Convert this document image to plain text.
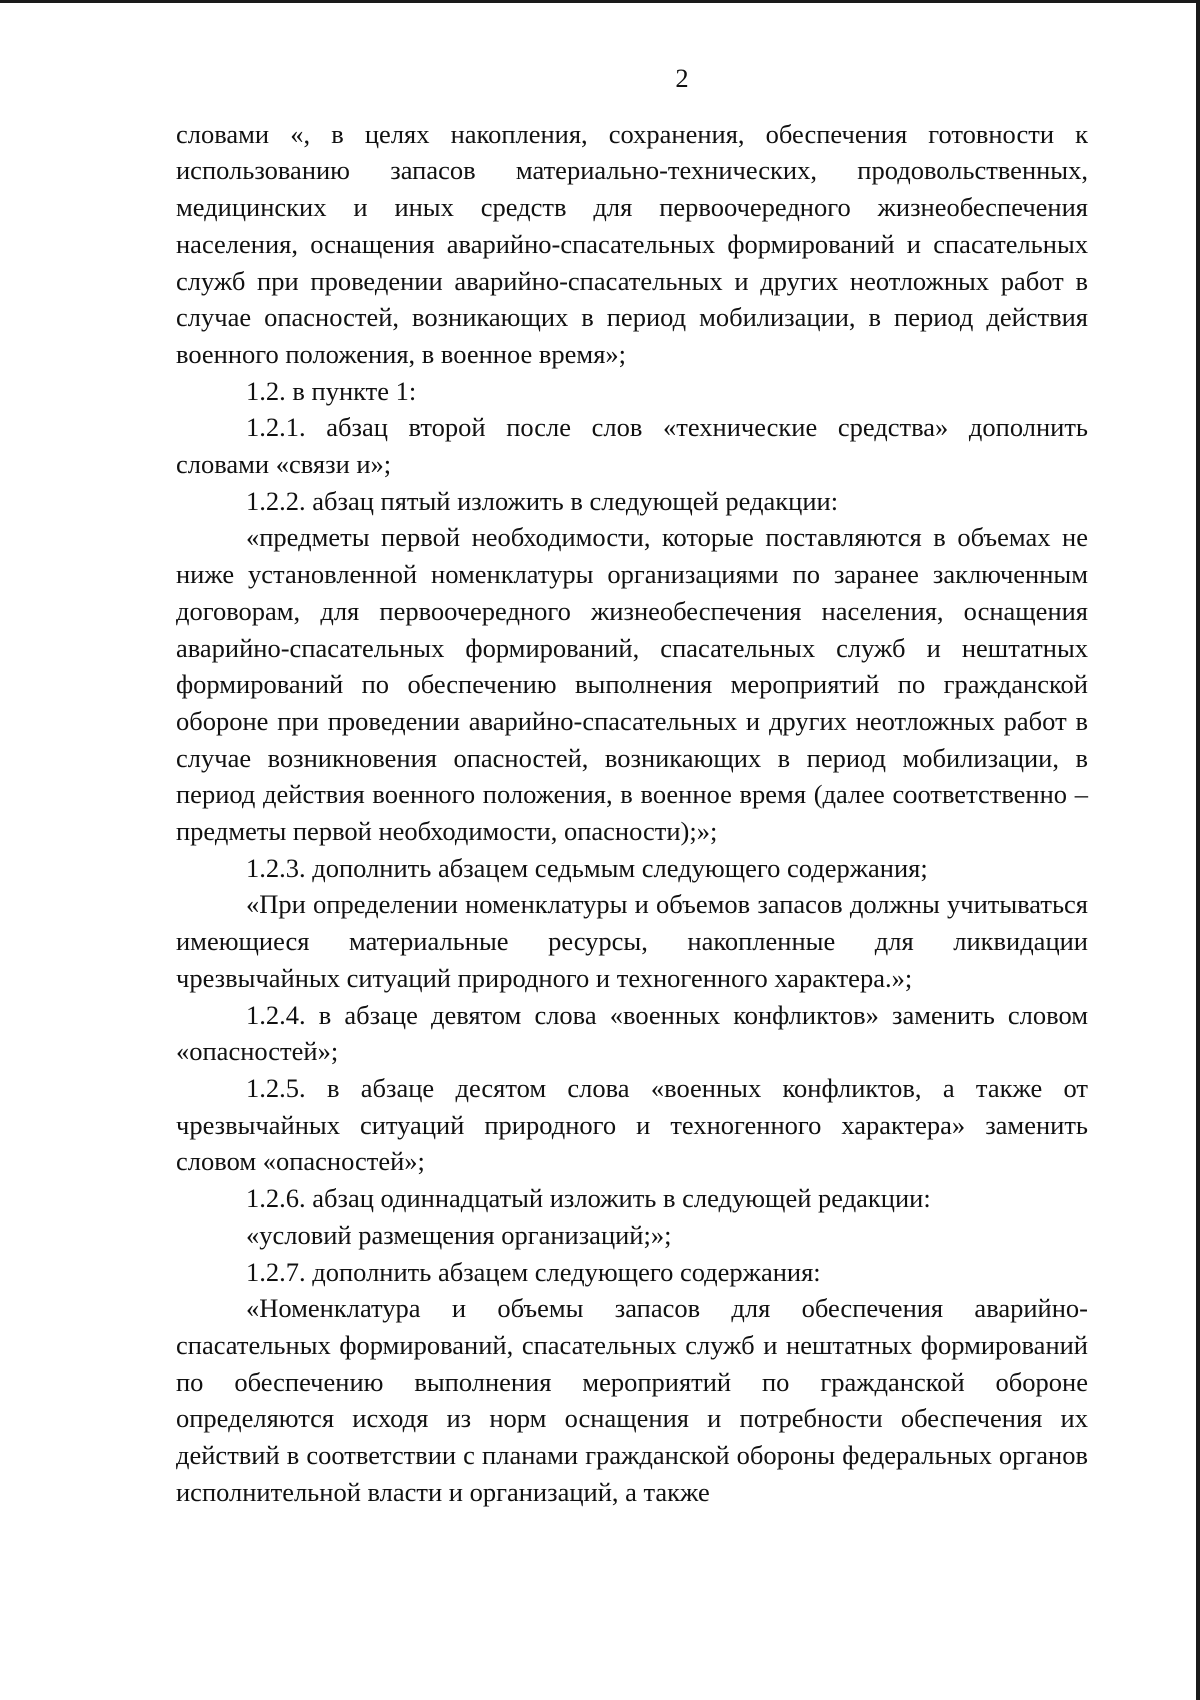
2

словами «, в целях накопления, сохранения, обеспечения готовности к использованию запасов материально-технических, продовольственных, медицинских и иных средств для первоочередного жизнеобеспечения населения, оснащения аварийно-спасательных формирований и спасательных служб при проведении аварийно-спасательных и других неотложных работ в случае опасностей, возникающих в период мобилизации, в период действия военного положения, в военное время»;

1.2. в пункте 1:

1.2.1. абзац второй после слов «технические средства» дополнить словами «связи и»;

1.2.2. абзац пятый изложить в следующей редакции:

«предметы первой необходимости, которые поставляются в объемах не ниже установленной номенклатуры организациями по заранее заключенным договорам, для первоочередного жизнеобеспечения населения, оснащения аварийно-спасательных формирований, спасательных служб и нештатных формирований по обеспечению выполнения мероприятий по гражданской обороне при проведении аварийно-спасательных и других неотложных работ в случае возникновения опасностей, возникающих в период мобилизации, в период действия военного положения, в военное время (далее соответственно – предметы первой необходимости, опасности);»;

1.2.3. дополнить абзацем седьмым следующего содержания;

«При определении номенклатуры и объемов запасов должны учитываться имеющиеся материальные ресурсы, накопленные для ликвидации чрезвычайных ситуаций природного и техногенного характера.»;

1.2.4. в абзаце девятом слова «военных конфликтов» заменить словом «опасностей»;

1.2.5. в абзаце десятом слова «военных конфликтов, а также от чрезвычайных ситуаций природного и техногенного характера» заменить словом «опасностей»;

1.2.6. абзац одиннадцатый изложить в следующей редакции:

«условий размещения организаций;»;

1.2.7. дополнить абзацем следующего содержания:

«Номенклатура и объемы запасов для обеспечения аварийно-спасательных формирований, спасательных служб и нештатных формирований по обеспечению выполнения мероприятий по гражданской обороне определяются исходя из норм оснащения и потребности обеспечения их действий в соответствии с планами гражданской обороны федеральных органов исполнительной власти и организаций, а также
